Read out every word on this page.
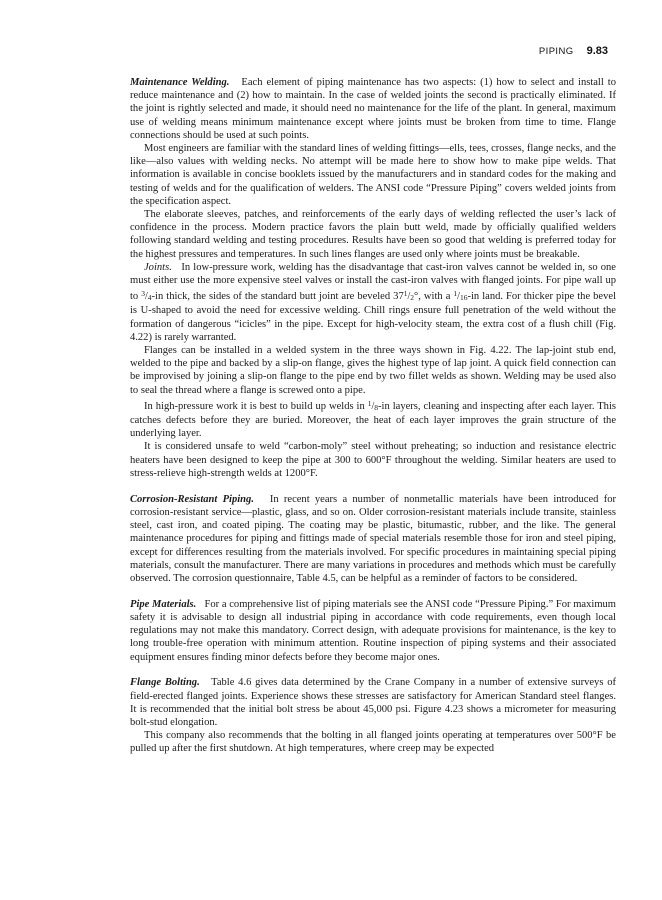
PIPING 9.83

Maintenance Welding. Each element of piping maintenance has two aspects: (1) how to select and install to reduce maintenance and (2) how to maintain. In the case of welded joints the second is practically eliminated. If the joint is rightly selected and made, it should need no maintenance for the life of the plant. In general, maximum use of welding means minimum maintenance except where joints must be broken from time to time. Flange connections should be used at such points.

Most engineers are familiar with the standard lines of welding fittings—ells, tees, crosses, flange necks, and the like—also values with welding necks. No attempt will be made here to show how to make pipe welds. That information is available in concise booklets issued by the manufacturers and in standard codes for the making and testing of welds and for the qualification of welders. The ANSI code “Pressure Piping” covers welded joints from the specification aspect.

The elaborate sleeves, patches, and reinforcements of the early days of welding reflected the user’s lack of confidence in the process. Modern practice favors the plain butt weld, made by officially qualified welders following standard welding and testing procedures. Results have been so good that welding is preferred today for the highest pressures and temperatures. In such lines flanges are used only where joints must be breakable.

Joints. In low-pressure work, welding has the disadvantage that cast-iron valves cannot be welded in, so one must either use the more expensive steel valves or install the cast-iron valves with flanged joints. For pipe wall up to $^3$/4-in thick, the sides of the standard butt joint are beveled $37^1/2^\circ$, with a $^1$/16-in land. For thicker pipe the bevel is U-shaped to avoid the need for excessive welding. Chill rings ensure full penetration of the weld without the formation of dangerous “icicles” in the pipe. Except for high-velocity steam, the extra cost of a flush chill (Fig. 4.22) is rarely warranted.

Flanges can be installed in a welded system in the three ways shown in Fig. 4.22. The lap-joint stub end, welded to the pipe and backed by a slip-on flange, gives the highest type of lap joint. A quick field connection can be improvised by joining a slip-on flange to the pipe end by two fillet welds as shown. Welding may be used also to seal the thread where a flange is screwed onto a pipe.

In high-pressure work it is best to build up welds in $^1$/8-in layers, cleaning and inspecting after each layer. This catches defects before they are buried. Moreover, the heat of each layer improves the grain structure of the underlying layer.

It is considered unsafe to weld “carbon-moly” steel without preheating; so induction and resistance electric heaters have been designed to keep the pipe at 300 to 600°F throughout the welding. Similar heaters are used to stress-relieve high-strength welds at 1200°F.

Corrosion-Resistant Piping. In recent years a number of nonmetallic materials have been introduced for corrosion-resistant service—plastic, glass, and so on. Older corrosion-resistant materials include transite, stainless steel, cast iron, and coated piping. The coating may be plastic, bitumastic, rubber, and the like. The general maintenance procedures for piping and fittings made of special materials resemble those for iron and steel piping, except for differences resulting from the materials involved. For specific procedures in maintaining special piping materials, consult the manufacturer. There are many variations in procedures and methods which must be carefully observed. The corrosion questionnaire, Table 4.5, can be helpful as a reminder of factors to be considered.

Pipe Materials. For a comprehensive list of piping materials see the ANSI code “Pressure Piping.” For maximum safety it is advisable to design all industrial piping in accordance with code requirements, even though local regulations may not make this mandatory. Correct design, with adequate provisions for maintenance, is the key to long trouble-free operation with minimum attention. Routine inspection of piping systems and their associated equipment ensures finding minor defects before they become major ones.

Flange Bolting. Table 4.6 gives data determined by the Crane Company in a number of extensive surveys of field-erected flanged joints. Experience shows these stresses are satisfactory for American Standard steel flanges. It is recommended that the initial bolt stress be about 45,000 psi. Figure 4.23 shows a micrometer for measuring bolt-stud elongation.

This company also recommends that the bolting in all flanged joints operating at temperatures over 500°F be pulled up after the first shutdown. At high temperatures, where creep may be expected
